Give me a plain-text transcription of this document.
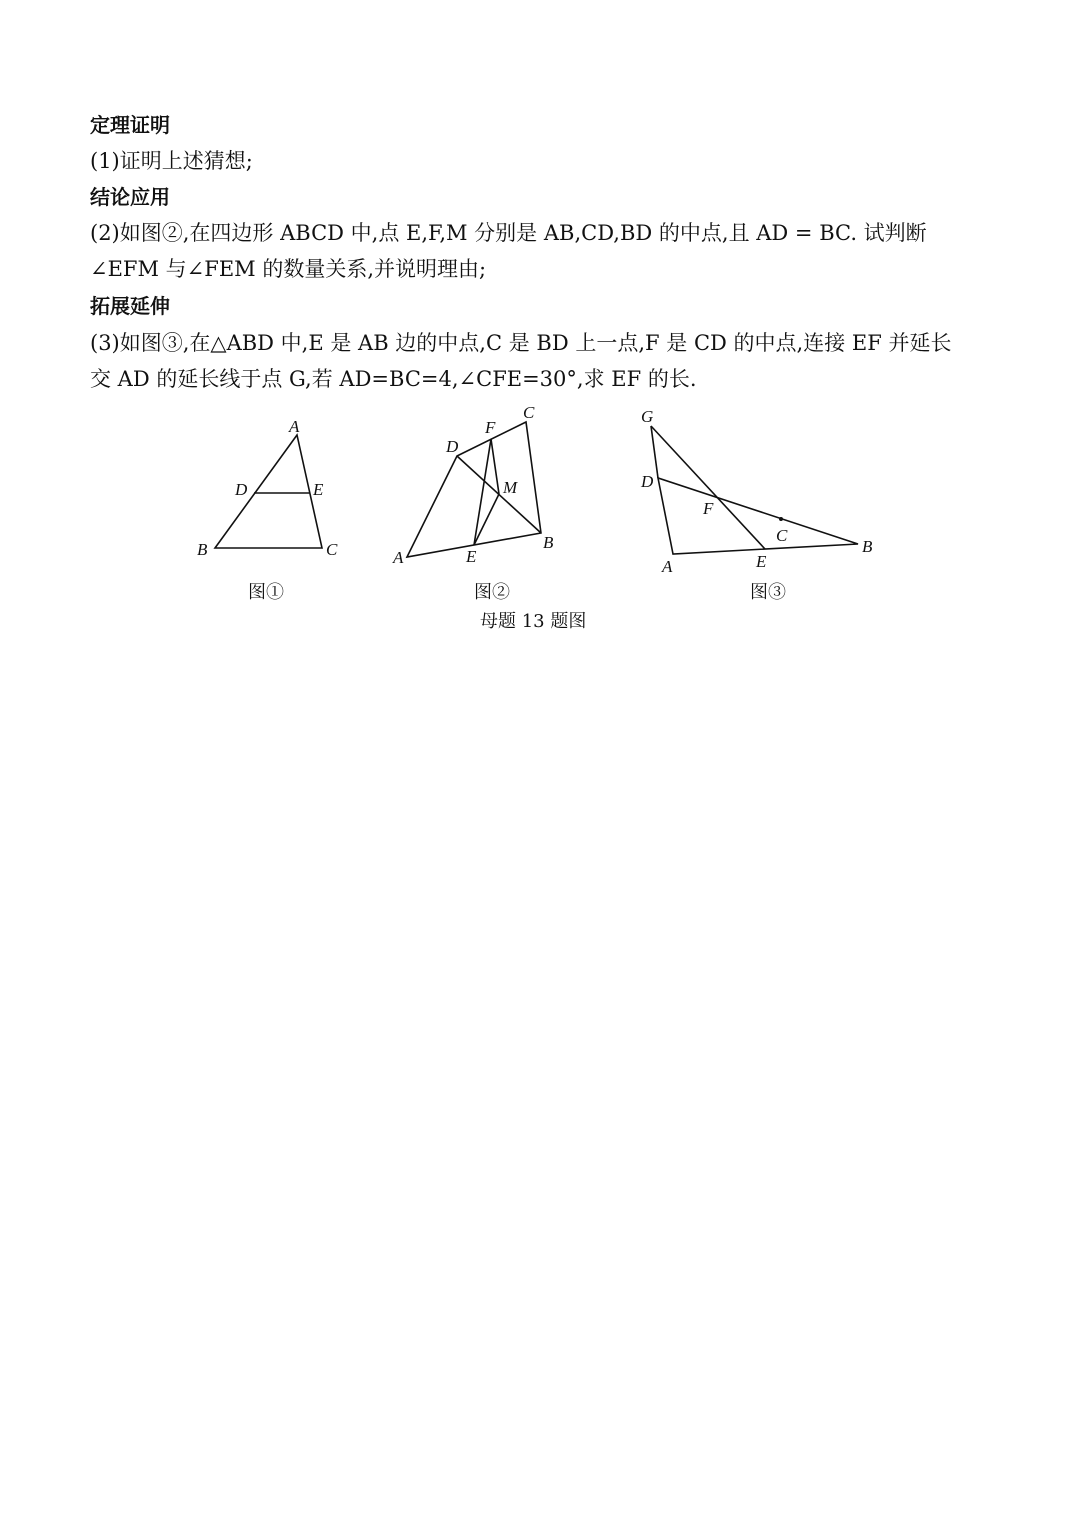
定理证明
(1)证明上述猜想;
结论应用
(2)如图②,在四边形 ABCD 中,点 E,F,M 分别是 AB,CD,BD 的中点,且 AD = BC. 试判断
∠EFM 与∠FEM 的数量关系,并说明理由;
拓展延伸
(3)如图③,在△ABD 中,E 是 AB 边的中点,C 是 BD 上一点,F 是 CD 的中点,连接 EF 并延长
交 AD 的延长线于点 G,若 AD=BC=4,∠CFE=30°,求 EF 的长.
A
B	C
D	E
A
B
C
D
E
F
M
G
D
F
C
B
E
A
图①	图②	图③
母题 13 题图
